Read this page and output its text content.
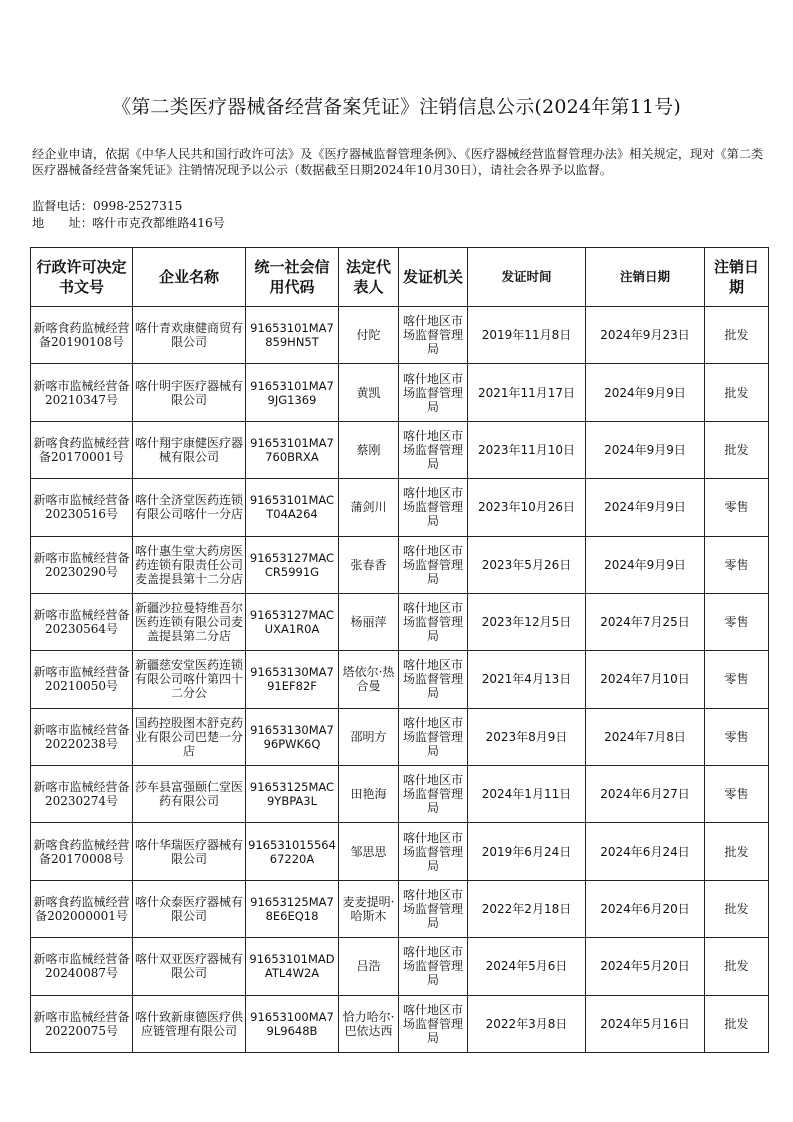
《第二类医疗器械备经营备案凭证》注销信息公示(2024年第11号)

经企业申请，依据《中华人民共和国行政许可法》及《医疗器械监督管理条例》、《医疗器械经营监督管理办法》相关规定，现对《第二类医疗器械备经营备案凭证》注销情况现予以公示（数据截至日期2024年10月30日），请社会各界予以监督。

监督电话：0998-2527315
地　　址：喀什市克孜都维路416号
行政许可决定书文号	企业名称	统一社会信用代码	法定代表人	发证机关	发证时间	注销日期	注销日期
新喀食药监械经营备20190108号	喀什青欢康健商贸有限公司	91653101MA7859HN5T	付陀	喀什地区市场监督管理局	2019年11月8日	2024年9月23日	批发
新喀市监械经营备20210347号	喀什明宇医疗器械有限公司	91653101MA79JG1369	黄凯	喀什地区市场监督管理局	2021年11月17日	2024年9月9日	批发
新喀食药监械经营备20170001号	喀什翔宇康健医疗器械有限公司	91653101MA7760BRXA	蔡刚	喀什地区市场监督管理局	2023年11月10日	2024年9月9日	批发
新喀市监械经营备20230516号	喀什全济堂医药连锁有限公司喀什一分店	91653101MACT04A264	蒲剑川	喀什地区市场监督管理局	2023年10月26日	2024年9月9日	零售
新喀市监械经营备20230290号	喀什惠生堂大药房医药连锁有限责任公司麦盖提县第十二分店	91653127MACCR5991G	张春香	喀什地区市场监督管理局	2023年5月26日	2024年9月9日	零售
新喀市监械经营备20230564号	新疆沙拉曼特维吾尔医药连锁有限公司麦盖提县第二分店	91653127MACUXA1R0A	杨丽萍	喀什地区市场监督管理局	2023年12月5日	2024年7月25日	零售
新喀市监械经营备20210050号	新疆慈安堂医药连锁有限公司喀什第四十二分公	91653130MA791EF82F	塔依尔·热合曼	喀什地区市场监督管理局	2021年4月13日	2024年7月10日	零售
新喀市监械经营备20220238号	国药控股图木舒克药业有限公司巴楚一分店	91653130MA796PWK6Q	邵明方	喀什地区市场监督管理局	2023年8月9日	2024年7月8日	零售
新喀市监械经营备20230274号	莎车县富强颐仁堂医药有限公司	91653125MAC9YBPA3L	田艳海	喀什地区市场监督管理局	2024年1月11日	2024年6月27日	零售
新喀食药监械经营备20170008号	喀什华瑞医疗器械有限公司	91653101556467220A	邹思思	喀什地区市场监督管理局	2019年6月24日	2024年6月24日	批发
新喀食药监械经营备202000001号	喀什众泰医疗器械有限公司	91653125MA78E6EQ18	麦麦提明·哈斯木	喀什地区市场监督管理局	2022年2月18日	2024年6月20日	批发
新喀市监械经营备20240087号	喀什双亚医疗器械有限公司	91653101MADATL4W2A	吕浩	喀什地区市场监督管理局	2024年5月6日	2024年5月20日	批发
新喀市监械经营备20220075号	喀什致新康德医疗供应链管理有限公司	91653100MA79L9648B	恰力哈尔·巴依达西	喀什地区市场监督管理局	2022年3月8日	2024年5月16日	批发
